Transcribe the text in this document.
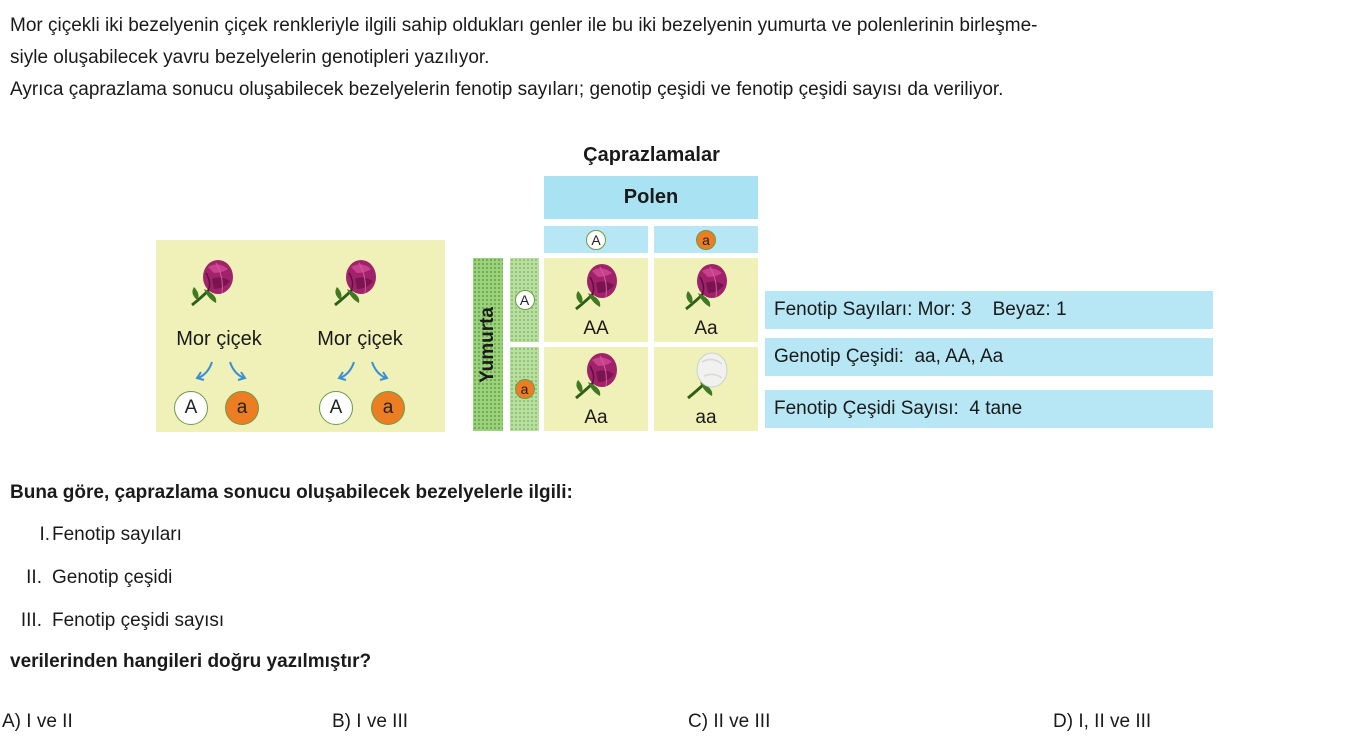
Mor çiçekli iki bezelyenin çiçek renkleriyle ilgili sahip oldukları genler ile bu iki bezelyenin yumurta ve polenlerinin birleşme-

siyle oluşabilecek yavru bezelyelerin genotipleri yazılıyor.

Ayrıca çaprazlama sonucu oluşabilecek bezelyelerin fenotip sayıları; genotip çeşidi ve fenotip çeşidi sayısı da veriliyor.

Çaprazlamalar
Polen
A	a
Mor çiçek	Mor çiçek
A	a	A	a
Yumurta
A
a
AA	Aa
Aa	aa
Fenotip Sayıları: Mor: 3    Beyaz: 1
Genotip Çeşidi:  aa, AA, Aa
Fenotip Çeşidi Sayısı:  4 tane
Buna göre, çaprazlama sonucu oluşabilecek bezelyelerle ilgili:
I. Fenotip sayıları
II. Genotip çeşidi
III. Fenotip çeşidi sayısı
verilerinden hangileri doğru yazılmıştır?
A) I ve II	B) I ve III	C) II ve III	D) I, II ve III
